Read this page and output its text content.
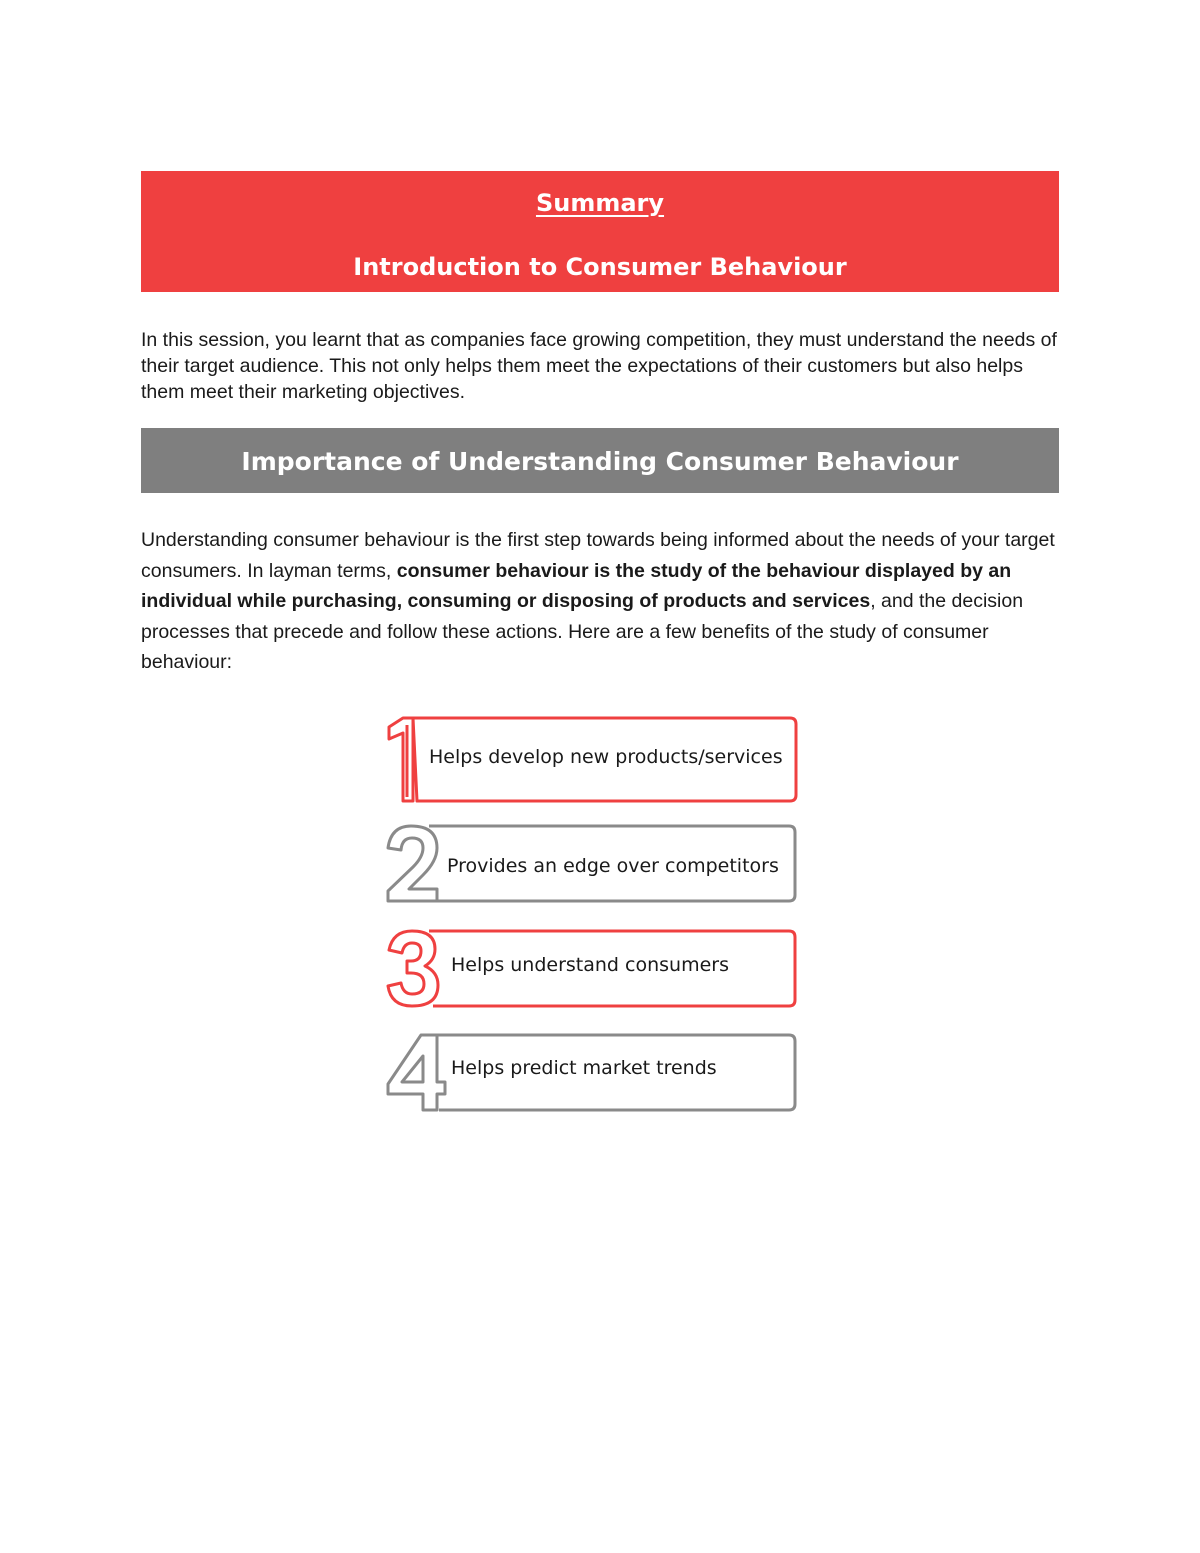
Summary
Introduction to Consumer Behaviour

In this session, you learnt that as companies face growing competition, they must understand the needs of their target audience. This not only helps them meet the expectations of their customers but also helps them meet their marketing objectives.

Importance of Understanding Consumer Behaviour

Understanding consumer behaviour is the first step towards being informed about the needs of your target consumers. In layman terms, consumer behaviour is the study of the behaviour displayed by an individual while purchasing, consuming or disposing of products and services, and the decision processes that precede and follow these actions. Here are a few benefits of the study of consumer behaviour:

Helps develop new products/services
Provides an edge over competitors
Helps understand consumers
Helps predict market trends
